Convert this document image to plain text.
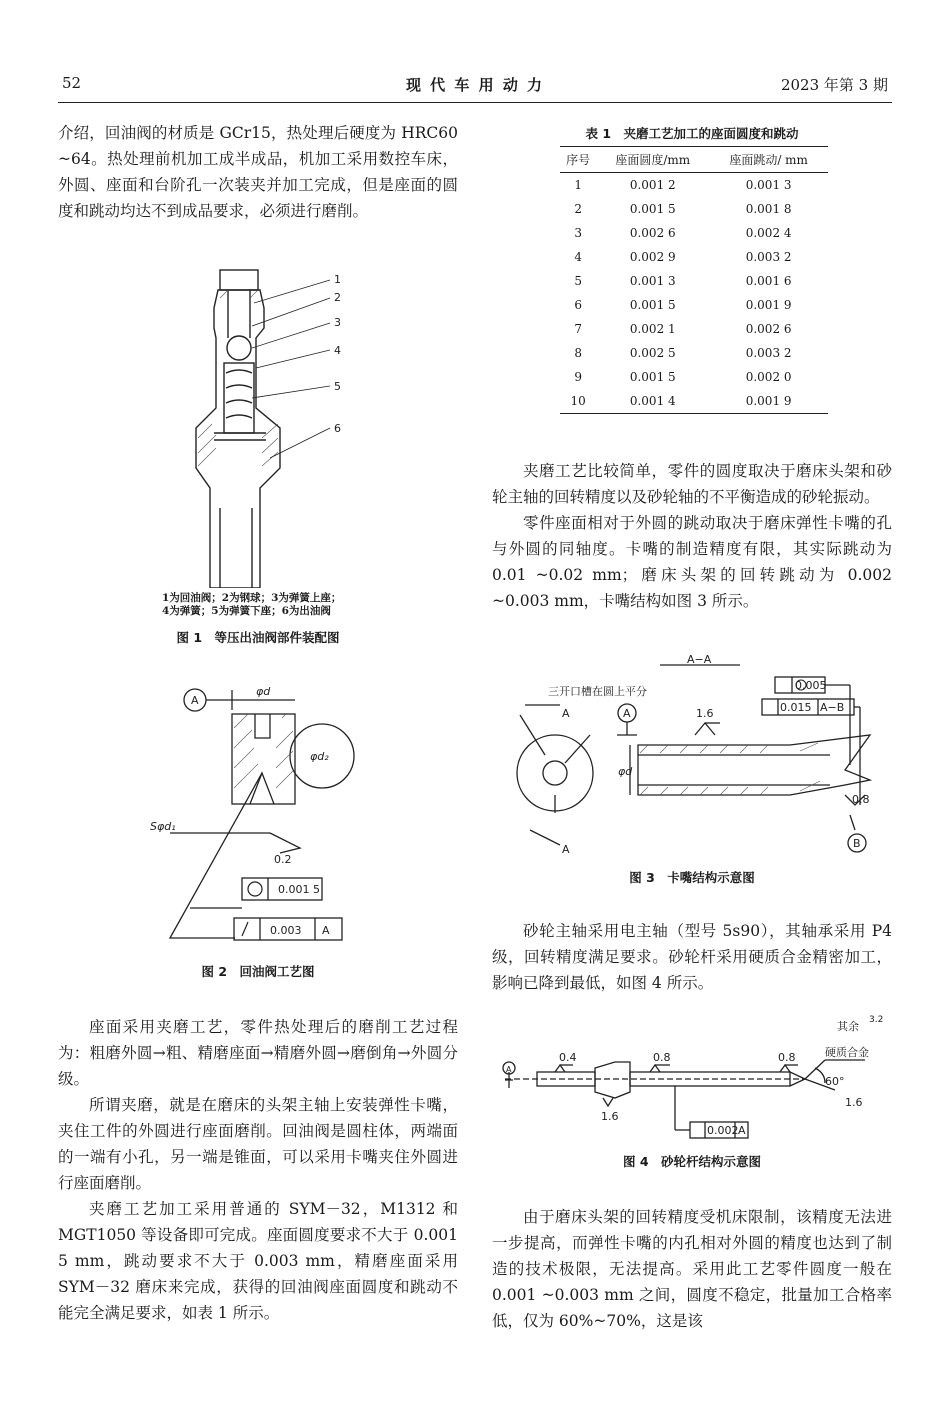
52	现 代 车 用 动 力	2023 年第 3 期

介绍，回油阀的材质是 GCr15，热处理后硬度为 HRC60 ~64。热处理前机加工成半成品，机加工采用数控车床，外圆、座面和台阶孔一次装夹并加工完成，但是座面的圆度和跳动均达不到成品要求，必须进行磨削。

1
2
3
4
5
6
1为回油阀；2为钢球；3为弹簧上座；
4为弹簧；5为弹簧下座；6为出油阀
图 1　等压出油阀部件装配图
A
φd
φd₂
Sφd₁
0.2
0.001 5
0.003 A
图 2　回油阀工艺图

座面采用夹磨工艺，零件热处理后的磨削工艺过程为：粗磨外圆→粗、精磨座面→精磨外圆→磨倒角→外圆分级。

所谓夹磨，就是在磨床的头架主轴上安装弹性卡嘴，夹住工件的外圆进行座面磨削。回油阀是圆柱体，两端面的一端有小孔，另一端是锥面，可以采用卡嘴夹住外圆进行座面磨削。

夹磨工艺加工采用普通的 SYM－32，M1312 和 MGT1050 等设备即可完成。座面圆度要求不大于 0.001 5 mm，跳动要求不大于 0.003 mm，精磨座面采用 SYM－32 磨床来完成，获得的回油阀座面圆度和跳动不能完全满足要求，如表 1 所示。

表 1　夹磨工艺加工的座面圆度和跳动
序号	座面圆度/mm	座面跳动/ mm
1	0.001 2	0.001 3
2	0.001 5	0.001 8
3	0.002 6	0.002 4
4	0.002 9	0.003 2
5	0.001 3	0.001 6
6	0.001 5	0.001 9
7	0.002 1	0.002 6
8	0.002 5	0.003 2
9	0.001 5	0.002 0
10	0.001 4	0.001 9

夹磨工艺比较简单，零件的圆度取决于磨床头架和砂轮主轴的回转精度以及砂轮轴的不平衡造成的砂轮振动。

零件座面相对于外圆的跳动取决于磨床弹性卡嘴的孔与外圆的同轴度。卡嘴的制造精度有限，其实际跳动为 0.01 ~0.02 mm；磨床头架的回转跳动为 0.002 ~0.003 mm，卡嘴结构如图 3 所示。

A−A
三开口槽在圆上平分
A
A
A
φd
1.6
0.8
0.005
0.015 A−B
B
图 3　卡嘴结构示意图

砂轮主轴采用电主轴（型号 5s90），其轴承采用 P4 级，回转精度满足要求。砂轮杆采用硬质合金精密加工，影响已降到最低，如图 4 所示。

其余 3.2
A
0.4	0.8	0.8
1.6
1.6
硬质合金
60°
0.002 A
图 4　砂轮杆结构示意图

由于磨床头架的回转精度受机床限制，该精度无法进一步提高，而弹性卡嘴的内孔相对外圆的精度也达到了制造的技术极限，无法提高。采用此工艺零件圆度一般在 0.001 ~0.003 mm 之间，圆度不稳定，批量加工合格率低，仅为 60%~70%，这是该
